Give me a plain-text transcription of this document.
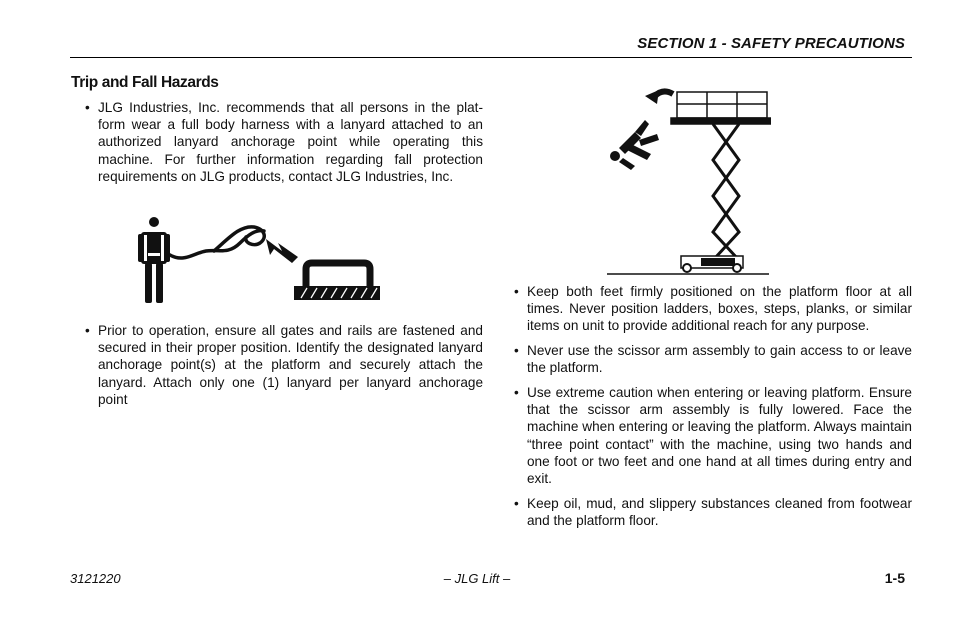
SECTION 1 - SAFETY PRECAUTIONS
Trip and Fall Hazards
• JLG Industries, Inc. recommends that all persons in the platform wear a full body harness with a lanyard attached to an authorized lanyard anchorage point while operating this machine. For further information regarding fall protection requirements on JLG products, contact JLG Industries, Inc.
• Prior to operation, ensure all gates and rails are fastened and secured in their proper position. Identify the designated lanyard anchorage point(s) at the platform and securely attach the lanyard. Attach only one (1) lanyard per lanyard anchorage point
• Keep both feet firmly positioned on the platform floor at all times. Never position ladders, boxes, steps, planks, or similar items on unit to provide additional reach for any purpose.
• Never use the scissor arm assembly to gain access to or leave the platform.
• Use extreme caution when entering or leaving platform. Ensure that the scissor arm assembly is fully lowered. Face the machine when entering or leaving the platform. Always maintain “three point contact” with the machine, using two hands and one foot or two feet and one hand at all times during entry and exit.
• Keep oil, mud, and slippery substances cleaned from footwear and the platform floor.
3121220	– JLG Lift –	1-5
